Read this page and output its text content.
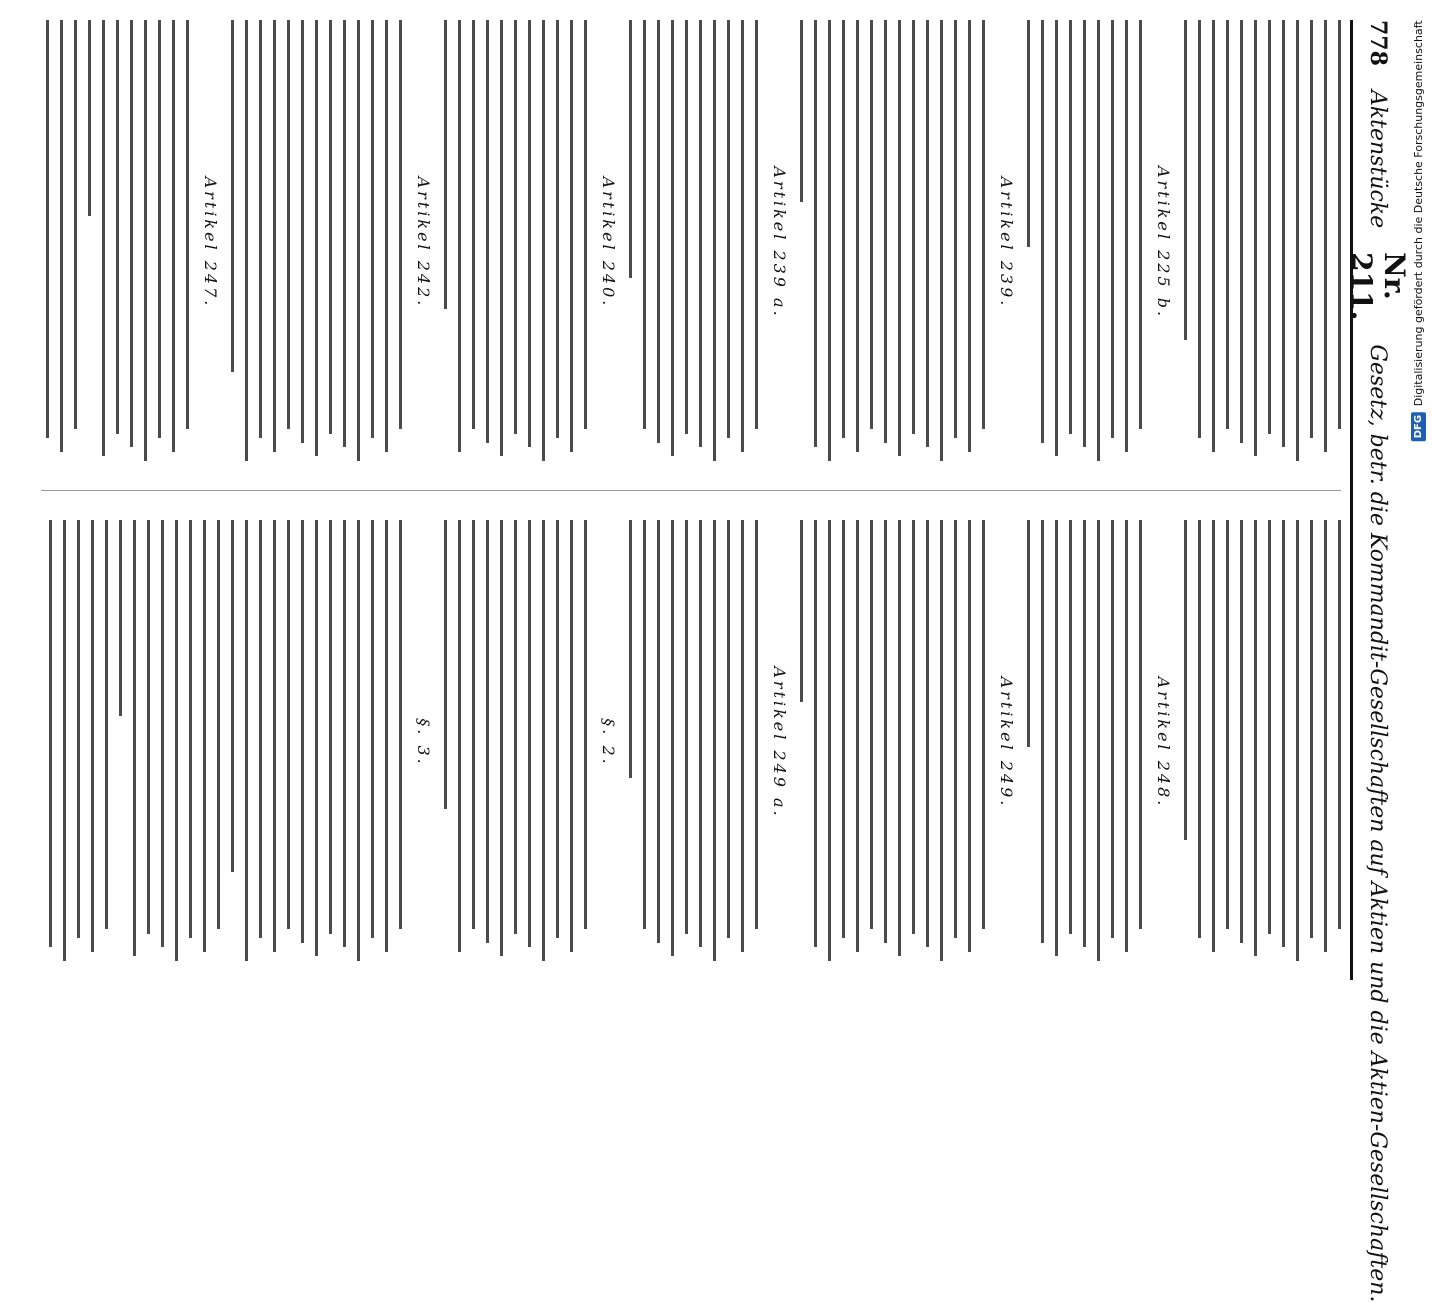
778
Aktenstücke
Nr. 211.
Gesetz, betr. die Kommandit-Gesellschaften auf Aktien und die Aktien-Gesellschaften.
Artikel 225 b.
Artikel 239.
Artikel 239 a.
Artikel 240.
Artikel 242.
Artikel 247.
Artikel 248.
Artikel 249.
Artikel 249 a.
§. 2.
§. 3.
DFG
Digitalisierung gefördert durch die Deutsche Forschungsgemeinschaft
